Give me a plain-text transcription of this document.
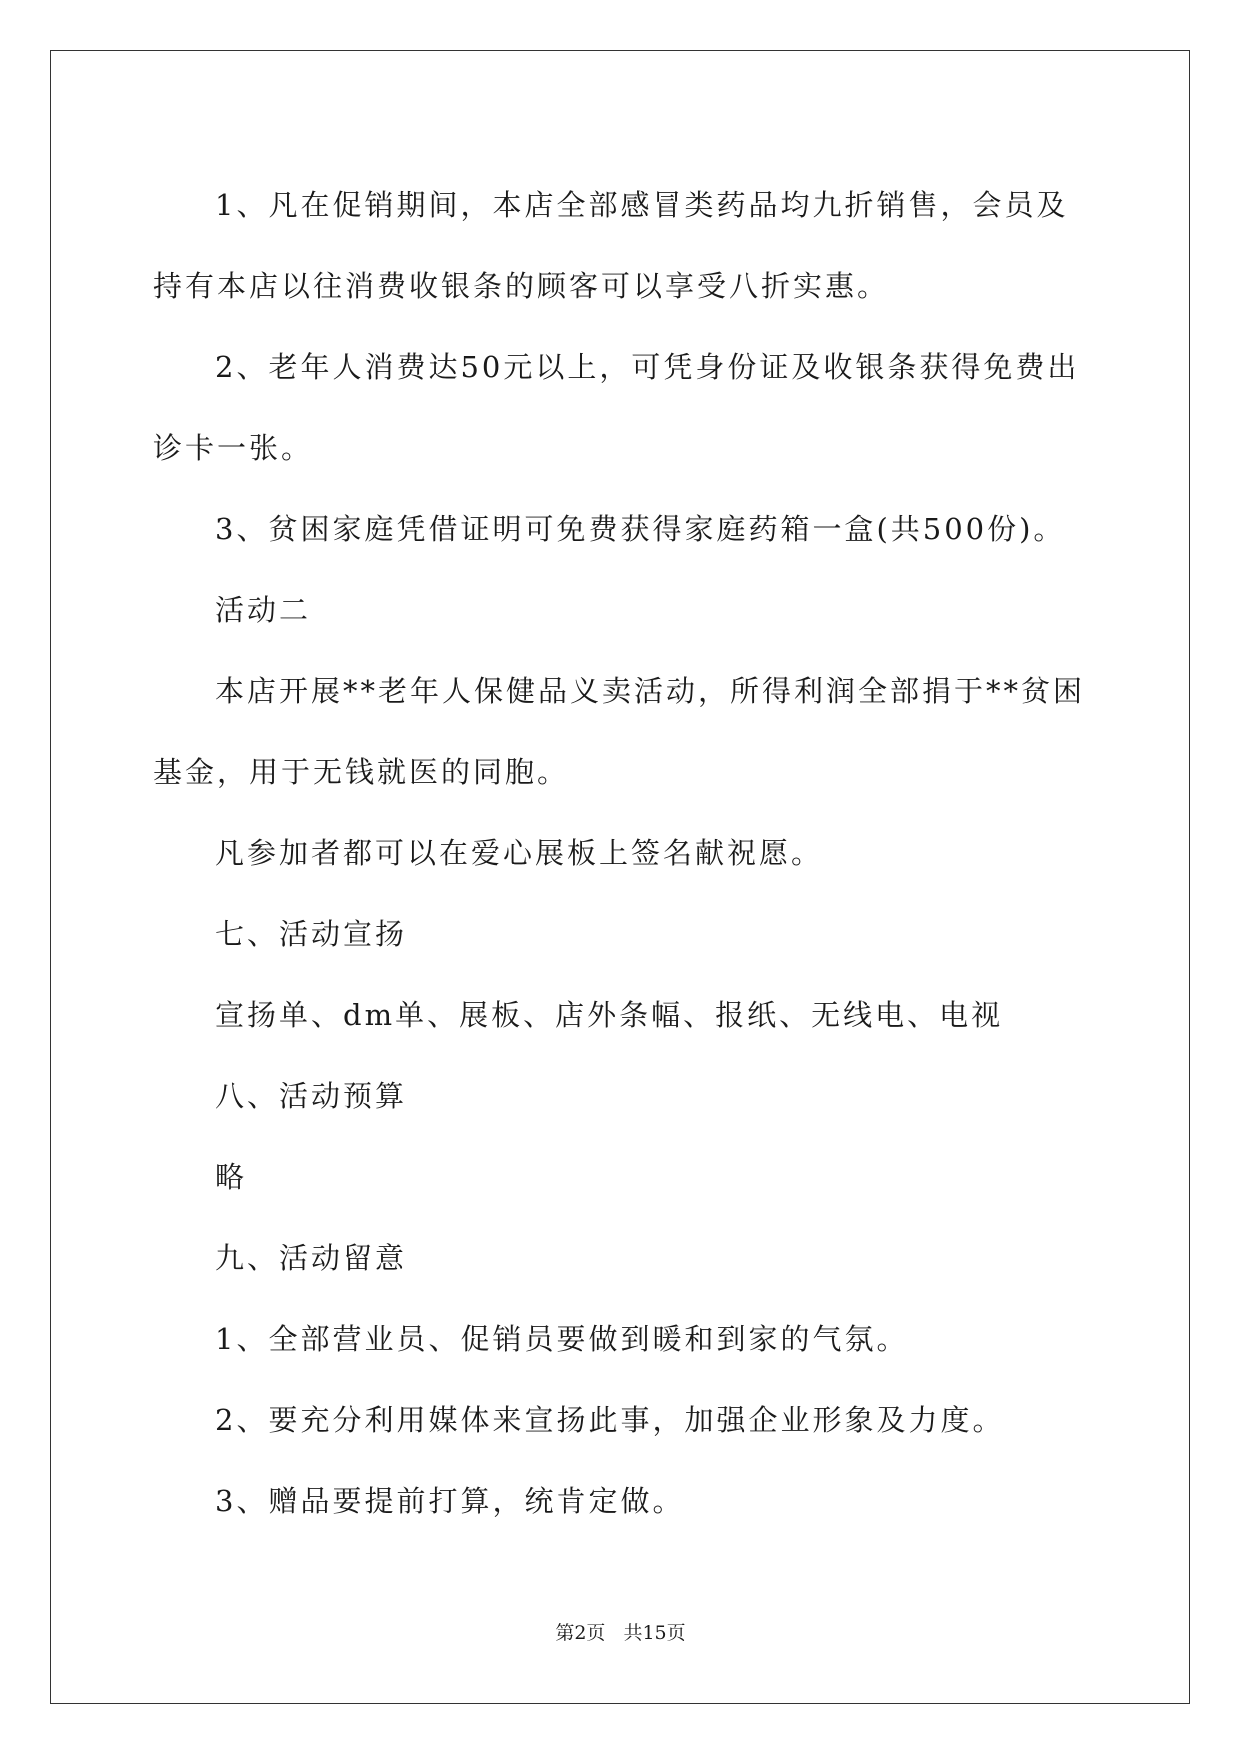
1、凡在促销期间，本店全部感冒类药品均九折销售，会员及持有本店以往消费收银条的顾客可以享受八折实惠。

2、老年人消费达50元以上，可凭身份证及收银条获得免费出诊卡一张。

3、贫困家庭凭借证明可免费获得家庭药箱一盒(共500份)。

活动二

本店开展**老年人保健品义卖活动，所得利润全部捐于**贫困基金，用于无钱就医的同胞。

凡参加者都可以在爱心展板上签名献祝愿。

七、活动宣扬

宣扬单、dm单、展板、店外条幅、报纸、无线电、电视

八、活动预算

略

九、活动留意

1、全部营业员、促销员要做到暖和到家的气氛。

2、要充分利用媒体来宣扬此事，加强企业形象及力度。

3、赠品要提前打算，统肯定做。

第2页 共15页
